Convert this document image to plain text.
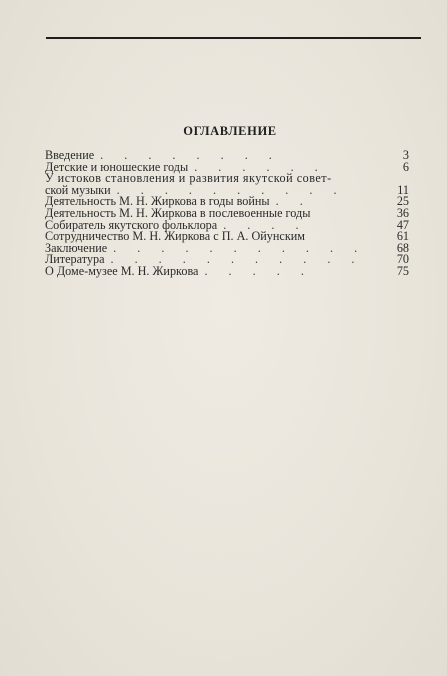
ОГЛАВЛЕНИЕ
Введение . . . . . . . .	3
Детские и юношеские годы . . . . . .	6
У истоков становления и развития якутской совет-
ской музыки . . . . . . . . . .	11
Деятельность М. Н. Жиркова в годы войны . .	25
Деятельность М. Н. Жиркова в послевоенные годы	36
Собиратель якутского фольклора . . . .	47
Сотрудничество М. Н. Жиркова с П. А. Ойунским	61
Заключение . . . . . . . . . . .	68
Литература . . . . . . . . . . .	70
О Доме-музее М. Н. Жиркова . . . . .	75
